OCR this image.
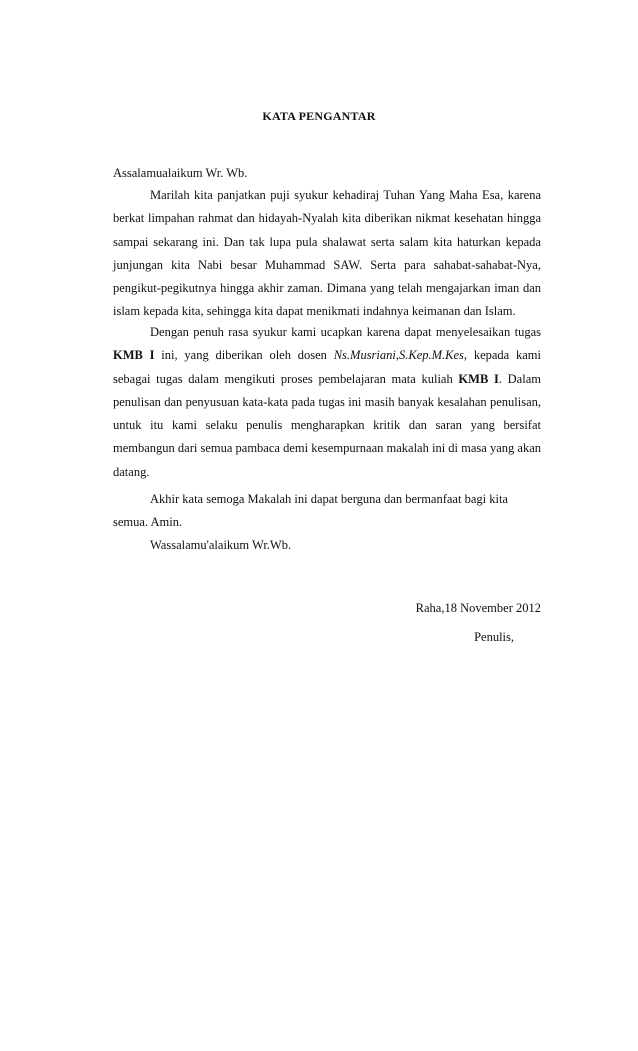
KATA PENGANTAR

Assalamualaikum Wr. Wb.

Marilah kita panjatkan puji syukur kehadiraj Tuhan Yang Maha Esa, karena berkat limpahan rahmat dan hidayah-Nyalah kita diberikan nikmat kesehatan hingga sampai sekarang ini. Dan tak lupa pula shalawat serta salam kita haturkan kepada junjungan kita Nabi besar Muhammad SAW. Serta para sahabat-sahabat-Nya, pengikut-pegikutnya hingga akhir zaman. Dimana yang telah mengajarkan iman dan islam kepada kita, sehingga kita dapat menikmati indahnya keimanan dan Islam.

Dengan penuh rasa syukur kami ucapkan karena dapat menyelesaikan tugas KMB I ini, yang diberikan oleh dosen Ns.Musriani,S.Kep.M.Kes, kepada kami sebagai tugas dalam mengikuti proses pembelajaran mata kuliah KMB I. Dalam penulisan dan penyusuan kata-kata pada tugas ini masih banyak kesalahan penulisan, untuk itu kami selaku penulis mengharapkan kritik dan saran yang bersifat membangun dari semua pambaca demi kesempurnaan makalah ini di masa yang akan datang.

Akhir kata semoga Makalah ini dapat berguna dan bermanfaat bagi kita

semua. Amin.

Wassalamu'alaikum Wr.Wb.

Raha,18 November 2012

Penulis,
